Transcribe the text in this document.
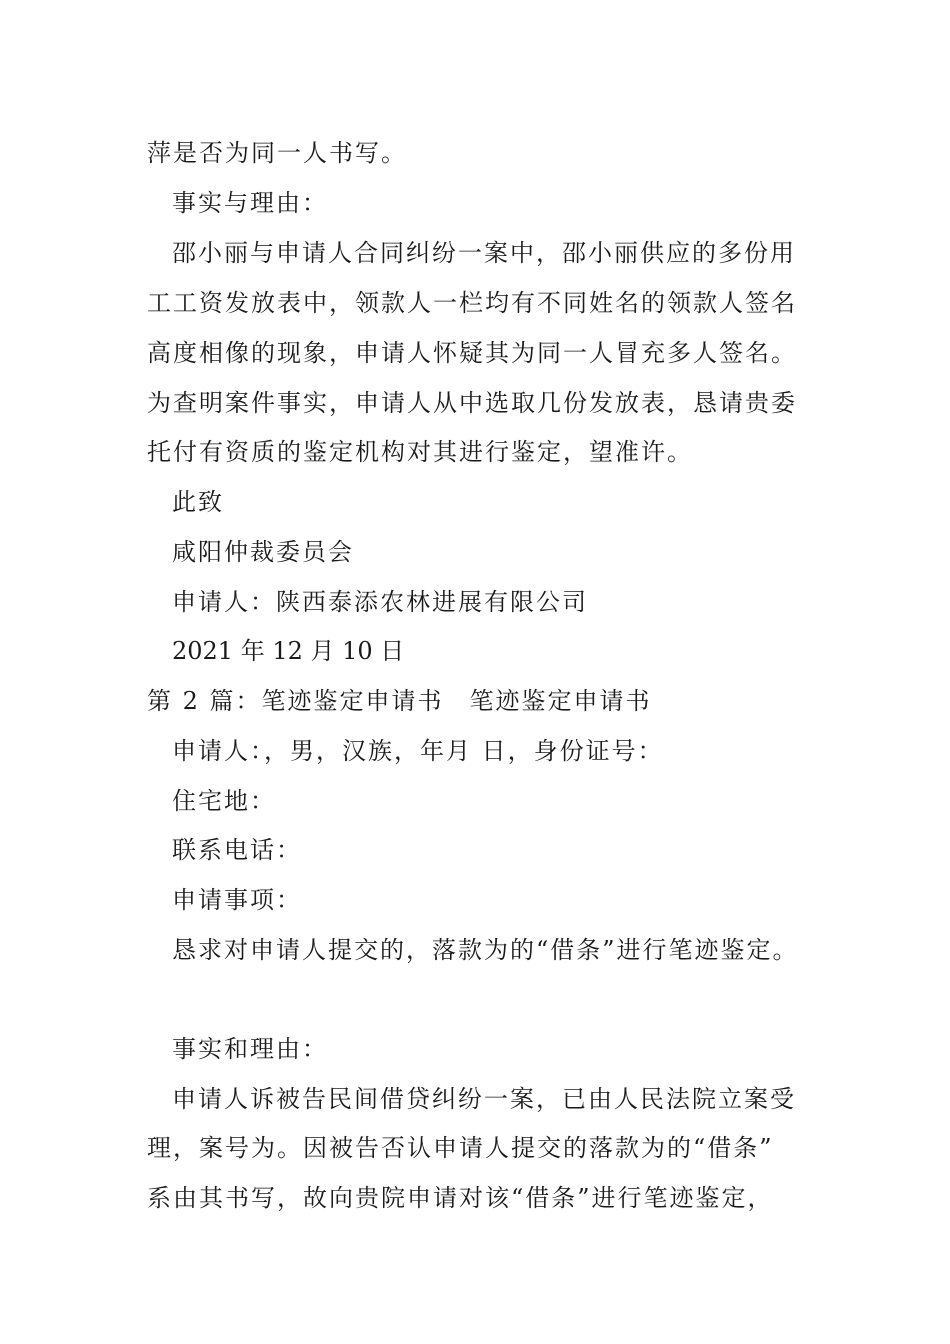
萍是否为同一人书写。
事实与理由：
邵小丽与申请人合同纠纷一案中，邵小丽供应的多份用
工工资发放表中，领款人一栏均有不同姓名的领款人签名
高度相像的现象，申请人怀疑其为同一人冒充多人签名。
为查明案件事实，申请人从中选取几份发放表，恳请贵委
托付有资质的鉴定机构对其进行鉴定，望准许。
此致
咸阳仲裁委员会
申请人：陕西泰添农林进展有限公司
2021 年 12 月 10 日
第 2 篇：笔迹鉴定申请书　笔迹鉴定申请书
申请人：，男，汉族，年月 日，身份证号：
住宅地：
联系电话：
申请事项：
恳求对申请人提交的，落款为的“借条”进行笔迹鉴定。
事实和理由：
申请人诉被告民间借贷纠纷一案，已由人民法院立案受
理，案号为。因被告否认申请人提交的落款为的“借条”
系由其书写，故向贵院申请对该“借条”进行笔迹鉴定，
